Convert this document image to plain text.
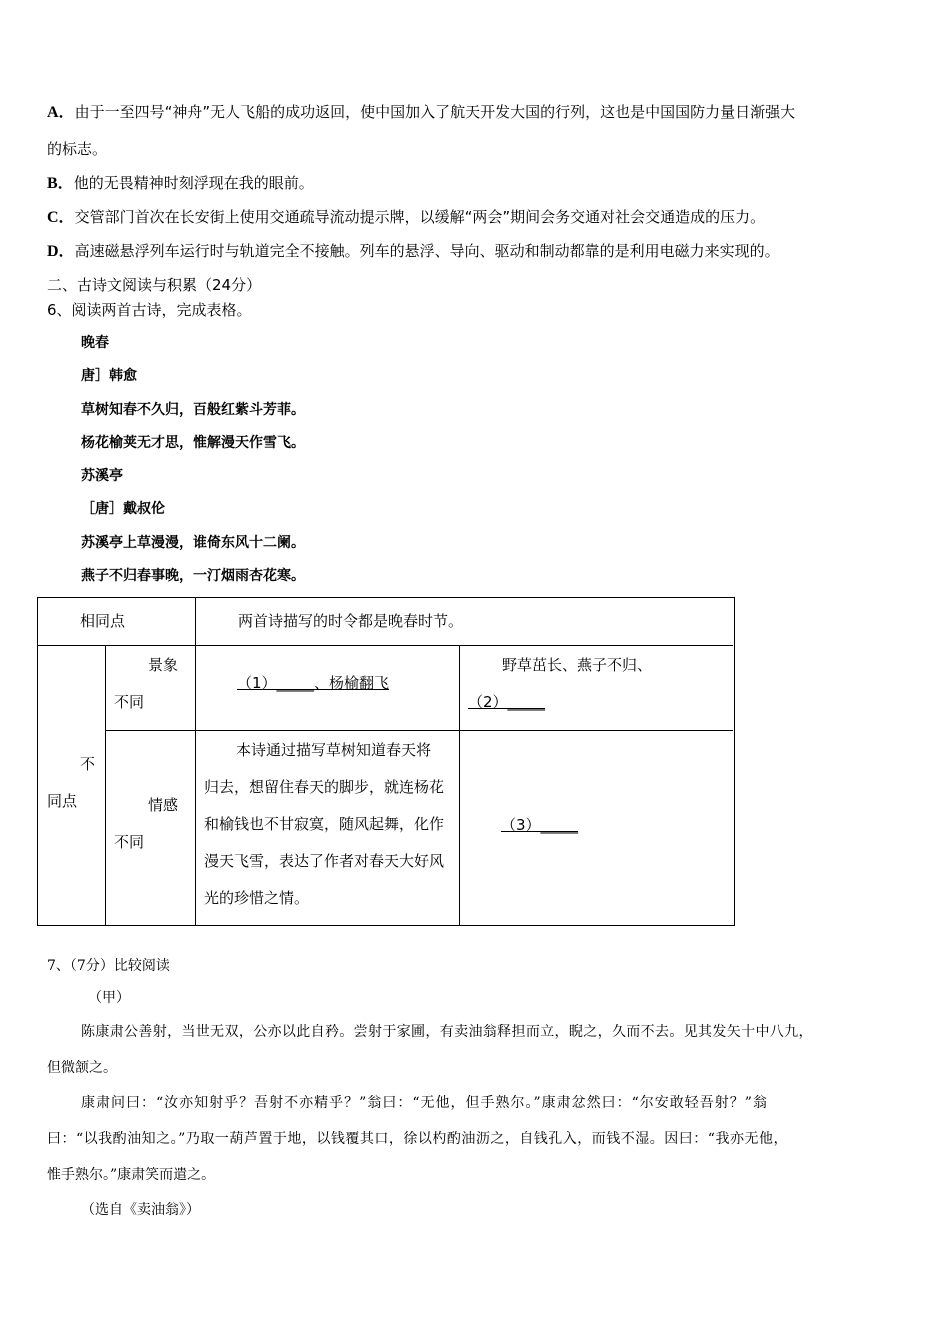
A．由于一至四号“神舟”无人飞船的成功返回，使中国加入了航天开发大国的行列，这也是中国国防力量日渐强大
的标志。
B．他的无畏精神时刻浮现在我的眼前。
C．交管部门首次在长安街上使用交通疏导流动提示牌，以缓解“两会”期间会务交通对社会交通造成的压力。
D．高速磁悬浮列车运行时与轨道完全不接触。列车的悬浮、导向、驱动和制动都靠的是利用电磁力来实现的。
二、古诗文阅读与积累（24分）
6、阅读两首古诗，完成表格。
晚春
唐］韩愈
草树知春不久归，百般红紫斗芳菲。
杨花榆荚无才思，惟解漫天作雪飞。
苏溪亭
［唐］戴叔伦
苏溪亭上草漫漫，谁倚东风十二阑。
燕子不归春事晚，一汀烟雨杏花寒。
相同点	两首诗描写的时令都是晚春时节。
不
同点
景象
不同
（1）_____、杨榆翻飞
野草茁长、燕子不归、
（2）_____
情感
不同
本诗通过描写草树知道春天将归去，想留住春天的脚步，就连杨花和榆钱也不甘寂寞，随风起舞，化作漫天飞雪，表达了作者对春天大好风光的珍惜之情。
（3）_____
7、（7分）比较阅读
（甲）
陈康肃公善射，当世无双，公亦以此自矜。尝射于家圃，有卖油翁释担而立，睨之，久而不去。见其发矢十中八九，
但微颔之。
康肃问曰：“汝亦知射乎？吾射不亦精乎？”翁曰：“无他，但手熟尔。”康肃忿然曰：“尔安敢轻吾射？”翁
曰：“以我酌油知之。”乃取一葫芦置于地，以钱覆其口，徐以杓酌油沥之，自钱孔入，而钱不湿。因曰：“我亦无他，
惟手熟尔。”康肃笑而遣之。
（选自《卖油翁》）
